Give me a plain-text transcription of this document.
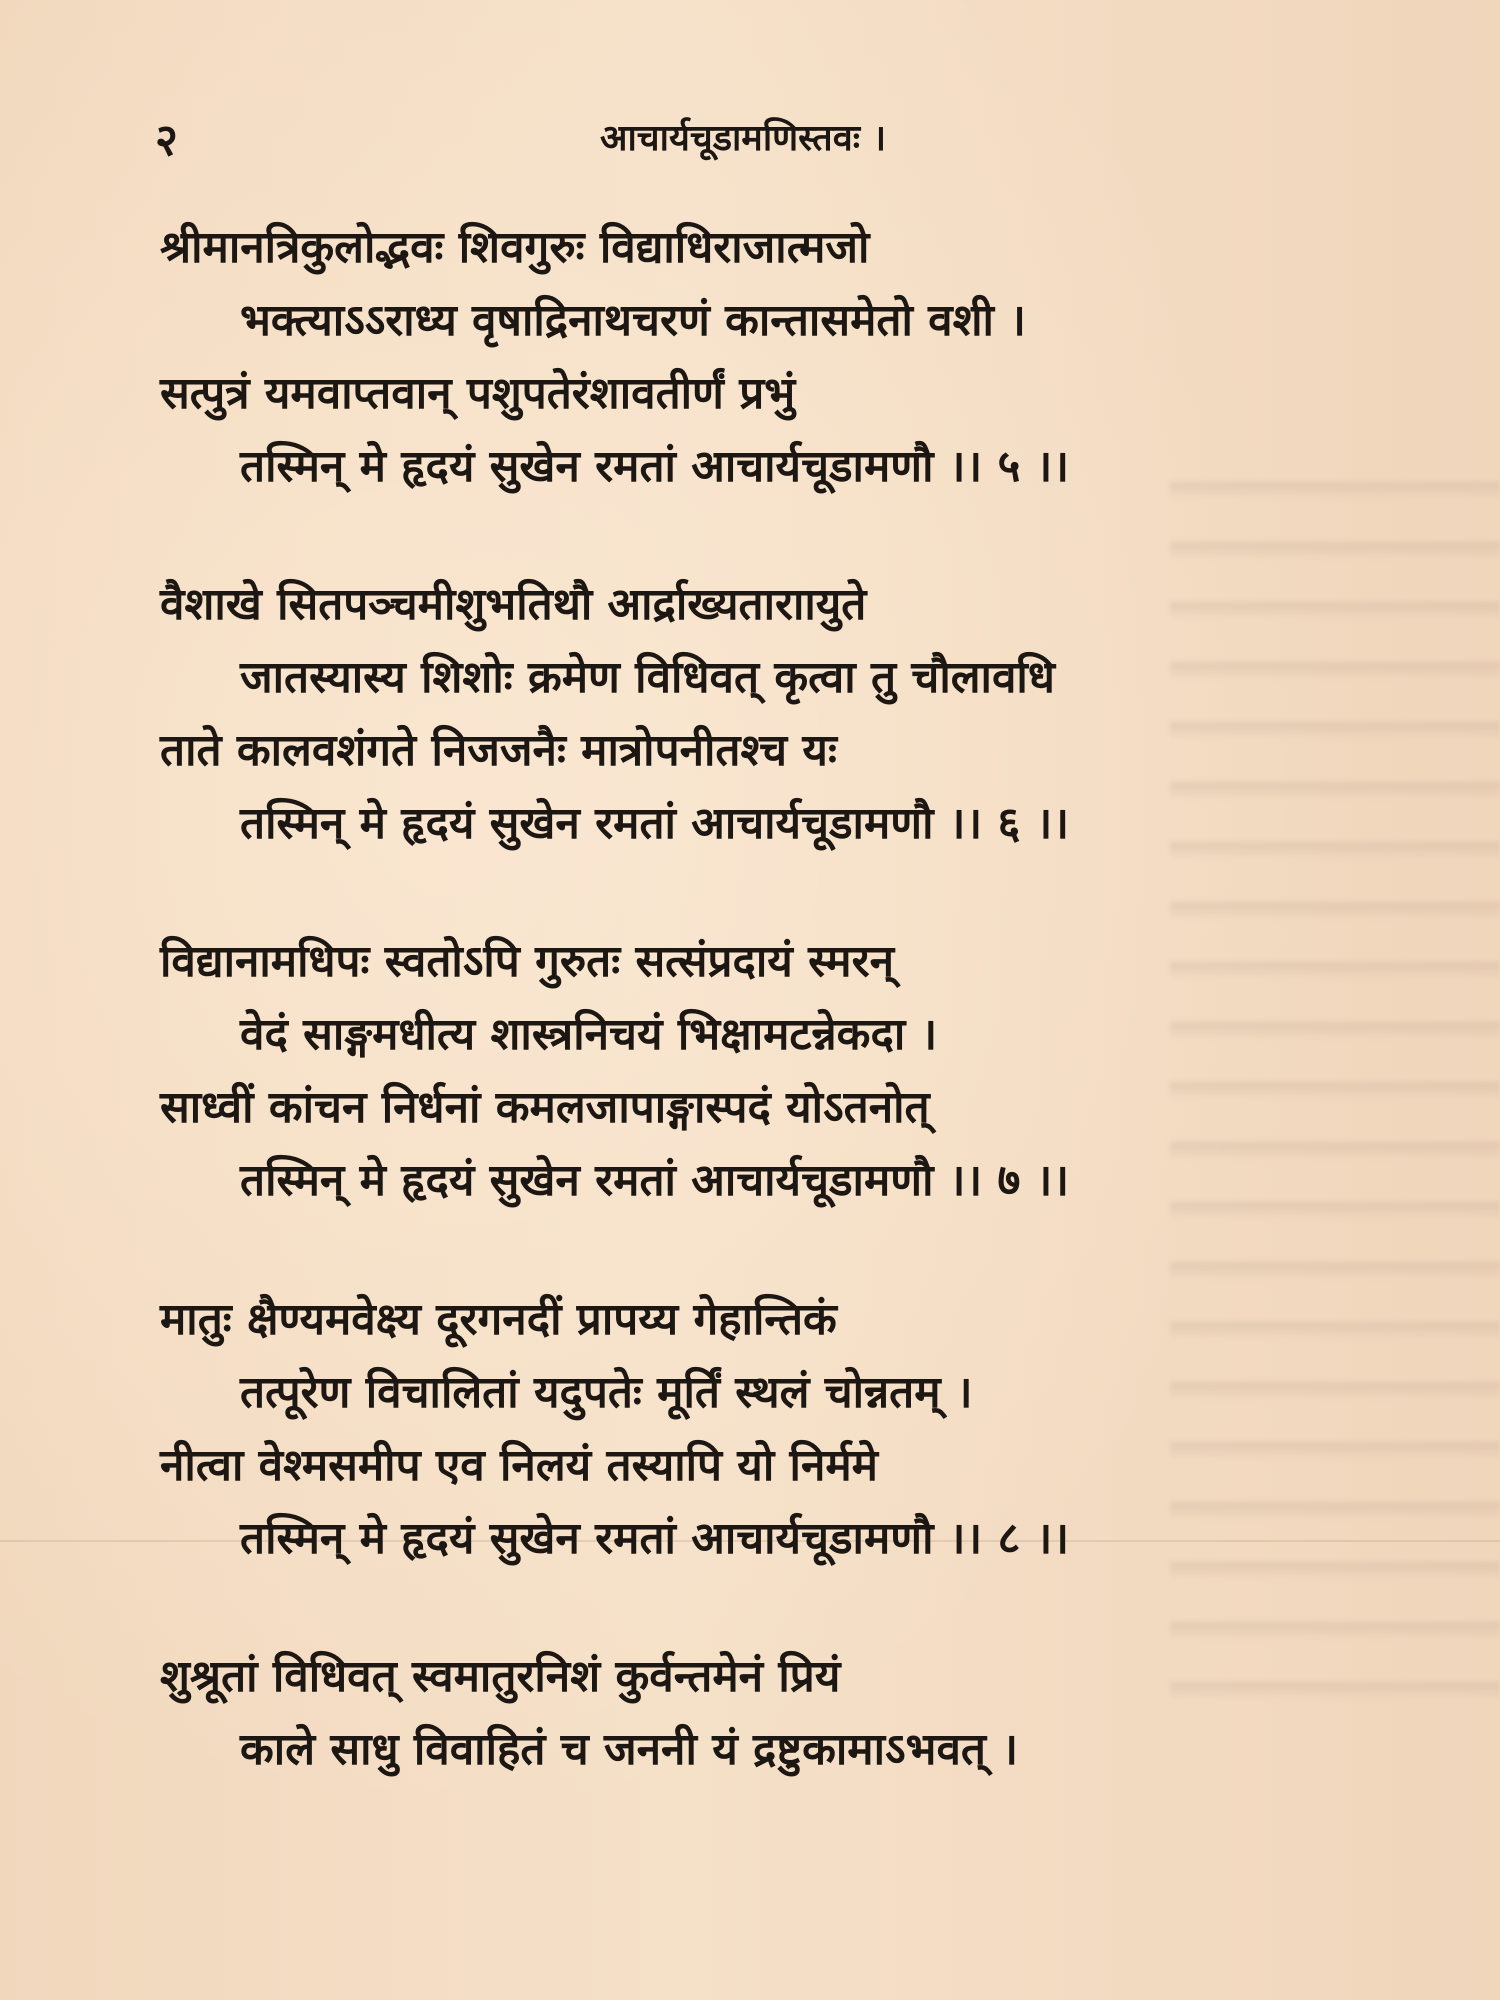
२	आचार्यचूडामणिस्तवः ।
श्रीमानत्रिकुलोद्भवः शिवगुरुः विद्याधिराजात्मजो
भक्त्याऽऽराध्य वृषाद्रिनाथचरणं कान्तासमेतो वशी ।
सत्पुत्रं यमवाप्तवान् पशुपतेरंशावतीर्णं प्रभुं
तस्मिन् मे हृदयं सुखेन रमतां आचार्यचूडामणौ ।। ५ ।।
वैशाखे सितपञ्चमीशुभतिथौ आर्द्राख्यताराायुते
जातस्यास्य शिशोः क्रमेण विधिवत् कृत्वा तु चौलावधि
ताते कालवशंगते निजजनैः मात्रोपनीतश्च यः
तस्मिन् मे हृदयं सुखेन रमतां आचार्यचूडामणौ ।। ६ ।।
विद्यानामधिपः स्वतोऽपि गुरुतः सत्संप्रदायं स्मरन्
वेदं साङ्गमधीत्य शास्त्रनिचयं भिक्षामटन्नेकदा ।
साध्वीं कांचन निर्धनां कमलजापाङ्गास्पदं योऽतनोत्
तस्मिन् मे हृदयं सुखेन रमतां आचार्यचूडामणौ ।। ७ ।।
मातुः क्षैण्यमवेक्ष्य दूरगनदीं प्रापय्य गेहान्तिकं
तत्पूरेण विचालितां यदुपतेः मूर्तिं स्थलं चोन्नतम् ।
नीत्वा वेश्मसमीप एव निलयं तस्यापि यो निर्ममे
तस्मिन् मे हृदयं सुखेन रमतां आचार्यचूडामणौ ।। ८ ।।
शुश्रूतां विधिवत् स्वमातुरनिशं कुर्वन्तमेनं प्रियं
काले साधु विवाहितं च जननी यं द्रष्टुकामाऽभवत् ।
